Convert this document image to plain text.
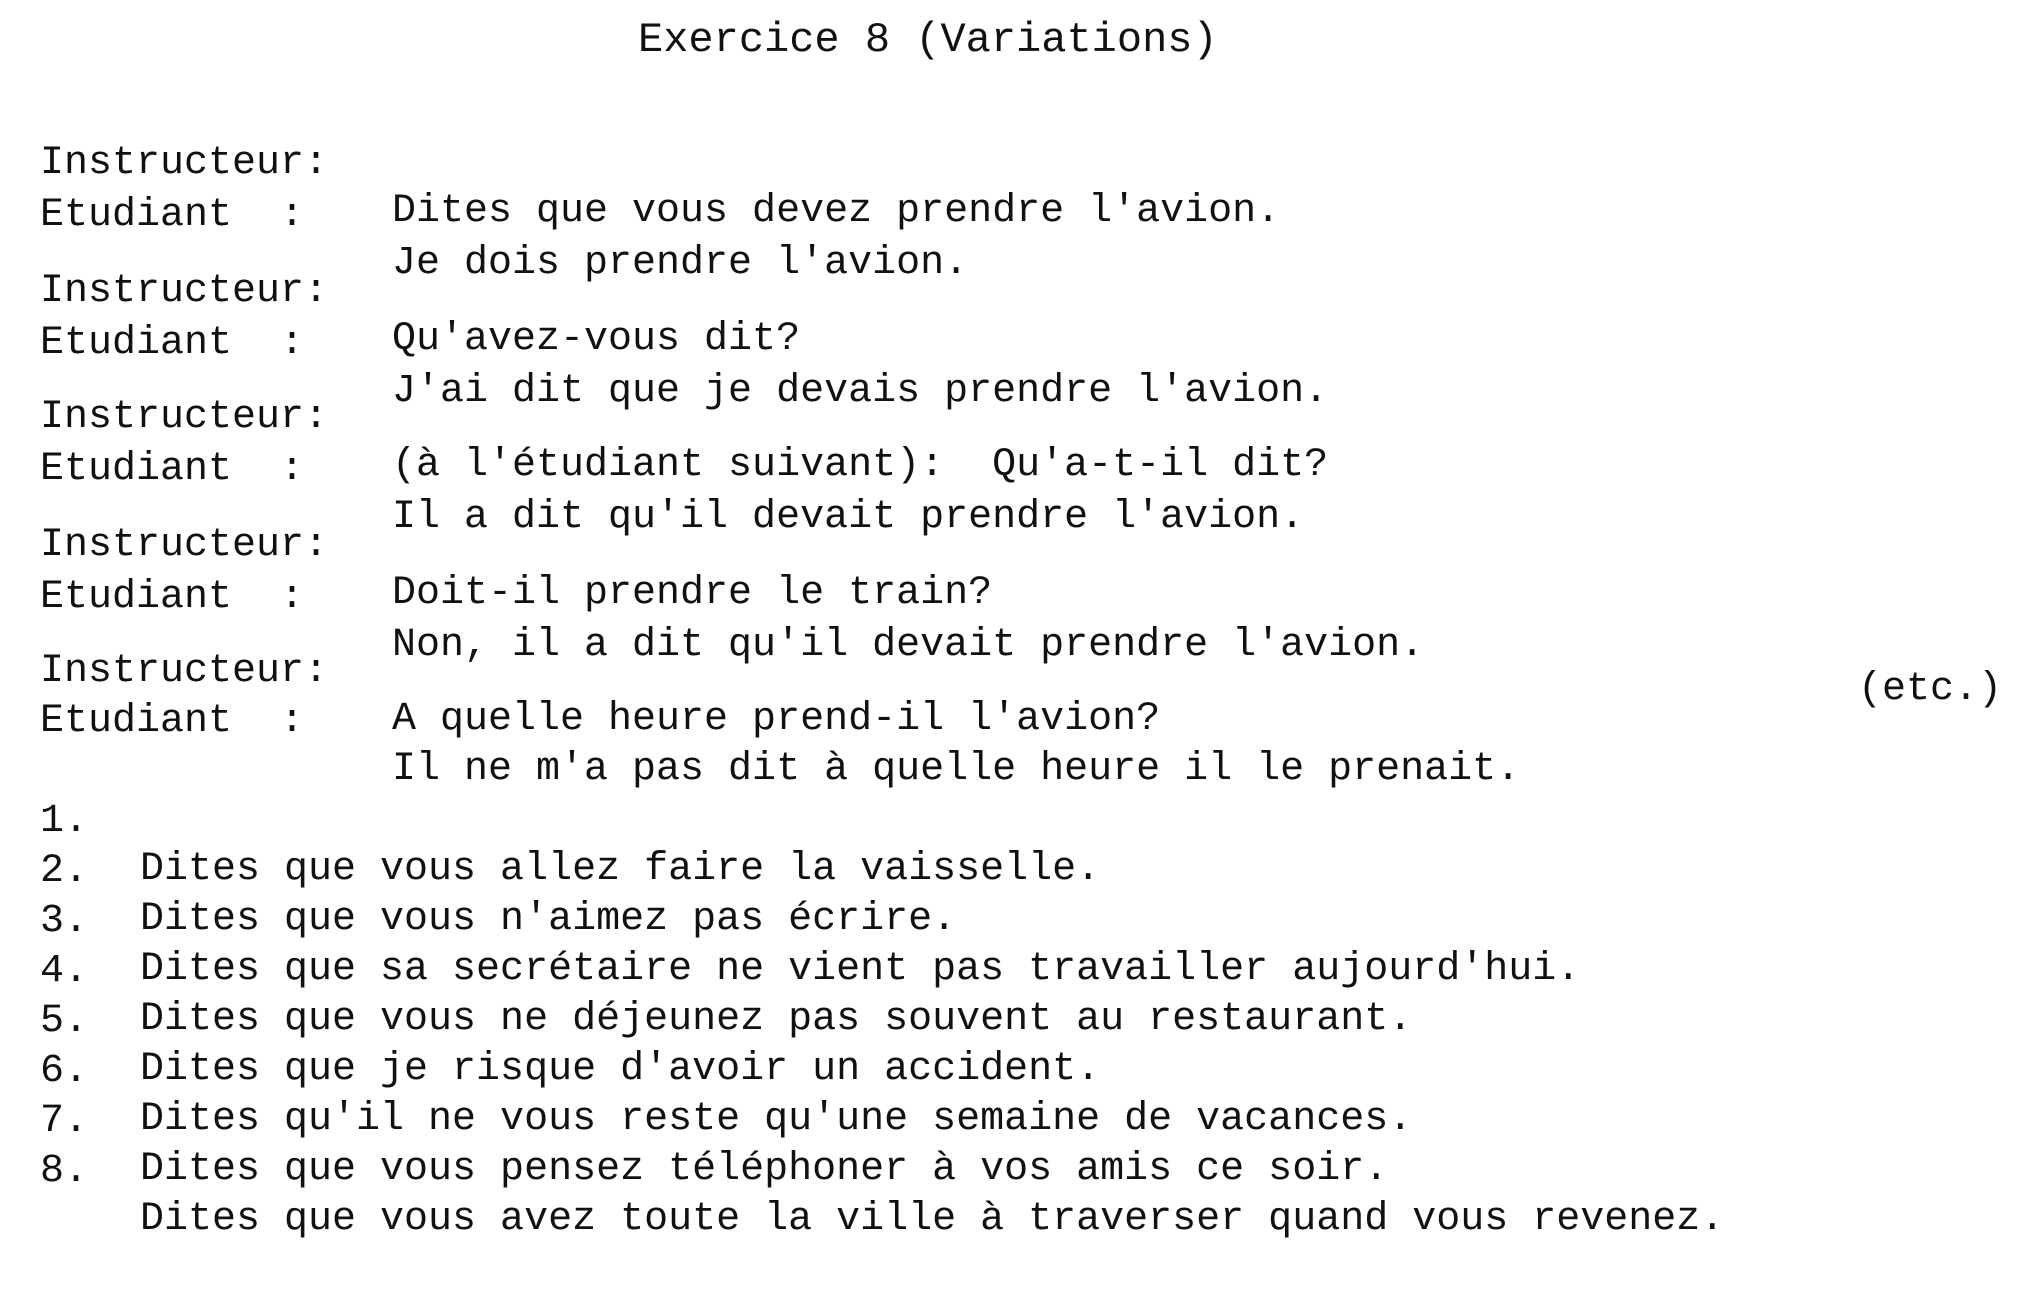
Exercice 8 (Variations)

Instructeur:

Dites que vous devez prendre l'avion.

Etudiant  :

Je dois prendre l'avion.

Instructeur:

Qu'avez-vous dit?

Etudiant  :

J'ai dit que je devais prendre l'avion.

Instructeur:

(à l'étudiant suivant):  Qu'a-t-il dit?

Etudiant  :

Il a dit qu'il devait prendre l'avion.

Instructeur:

Doit-il prendre le train?

Etudiant  :

Non, il a dit qu'il devait prendre l'avion.

Instructeur:

A quelle heure prend-il l'avion?

Etudiant  :

Il ne m'a pas dit à quelle heure il le prenait.

(etc.)

1.

Dites que vous allez faire la vaisselle.

2.

Dites que vous n'aimez pas écrire.

3.

Dites que sa secrétaire ne vient pas travailler aujourd'hui.

4.

Dites que vous ne déjeunez pas souvent au restaurant.

5.

Dites que je risque d'avoir un accident.

6.

Dites qu'il ne vous reste qu'une semaine de vacances.

7.

Dites que vous pensez téléphoner à vos amis ce soir.

8.

Dites que vous avez toute la ville à traverser quand vous revenez.
